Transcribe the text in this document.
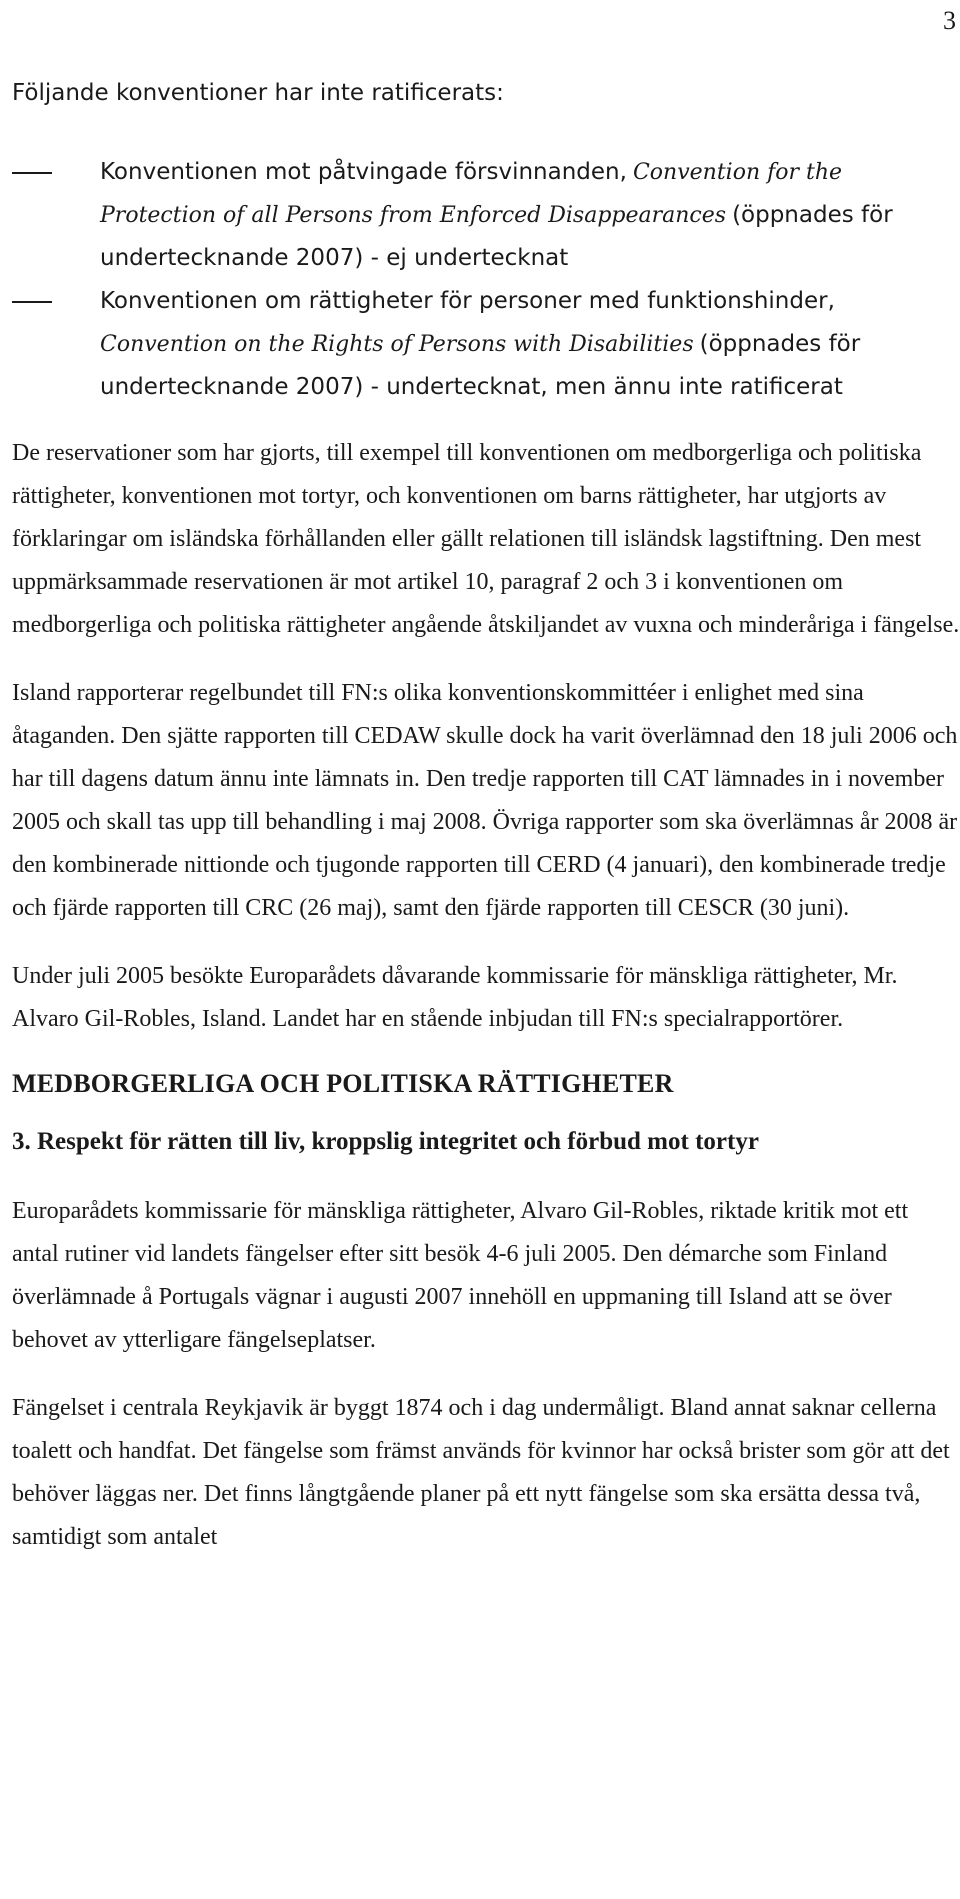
3

Följande konventioner har inte ratificerats:

Konventionen mot påtvingade försvinnanden, Convention for the Protection of all Persons from Enforced Disappearances (öppnades för undertecknande 2007) - ej undertecknat
Konventionen om rättigheter för personer med funktionshinder, Convention on the Rights of Persons with Disabilities (öppnades för undertecknande 2007) - undertecknat, men ännu inte ratificerat

De reservationer som har gjorts, till exempel till konventionen om medborgerliga och politiska rättigheter, konventionen mot tortyr, och konventionen om barns rättigheter, har utgjorts av förklaringar om isländska förhållanden eller gällt relationen till isländsk lagstiftning. Den mest uppmärksammade reservationen är mot artikel 10, paragraf 2 och 3 i konventionen om medborgerliga och politiska rättigheter angående åtskiljandet av vuxna och minderåriga i fängelse.

Island rapporterar regelbundet till FN:s olika konventionskommittéer i enlighet med sina åtaganden. Den sjätte rapporten till CEDAW skulle dock ha varit överlämnad den 18 juli 2006 och har till dagens datum ännu inte lämnats in. Den tredje rapporten till CAT lämnades in i november 2005 och skall tas upp till behandling i maj 2008. Övriga rapporter som ska överlämnas år 2008 är den kombinerade nittionde och tjugonde rapporten till CERD (4 januari), den kombinerade tredje och fjärde rapporten till CRC (26 maj), samt den fjärde rapporten till CESCR (30 juni).

Under juli 2005 besökte Europarådets dåvarande kommissarie för mänskliga rättigheter, Mr. Alvaro Gil-Robles, Island. Landet har en stående inbjudan till FN:s specialrapportörer.

MEDBORGERLIGA OCH POLITISKA RÄTTIGHETER
3. Respekt för rätten till liv, kroppslig integritet och förbud mot tortyr

Europarådets kommissarie för mänskliga rättigheter, Alvaro Gil-Robles, riktade kritik mot ett antal rutiner vid landets fängelser efter sitt besök 4-6 juli 2005. Den démarche som Finland överlämnade å Portugals vägnar i augusti 2007 innehöll en uppmaning till Island att se över behovet av ytterligare fängelseplatser.

Fängelset i centrala Reykjavik är byggt 1874 och i dag undermåligt. Bland annat saknar cellerna toalett och handfat. Det fängelse som främst används för kvinnor har också brister som gör att det behöver läggas ner. Det finns långtgående planer på ett nytt fängelse som ska ersätta dessa två, samtidigt som antalet
